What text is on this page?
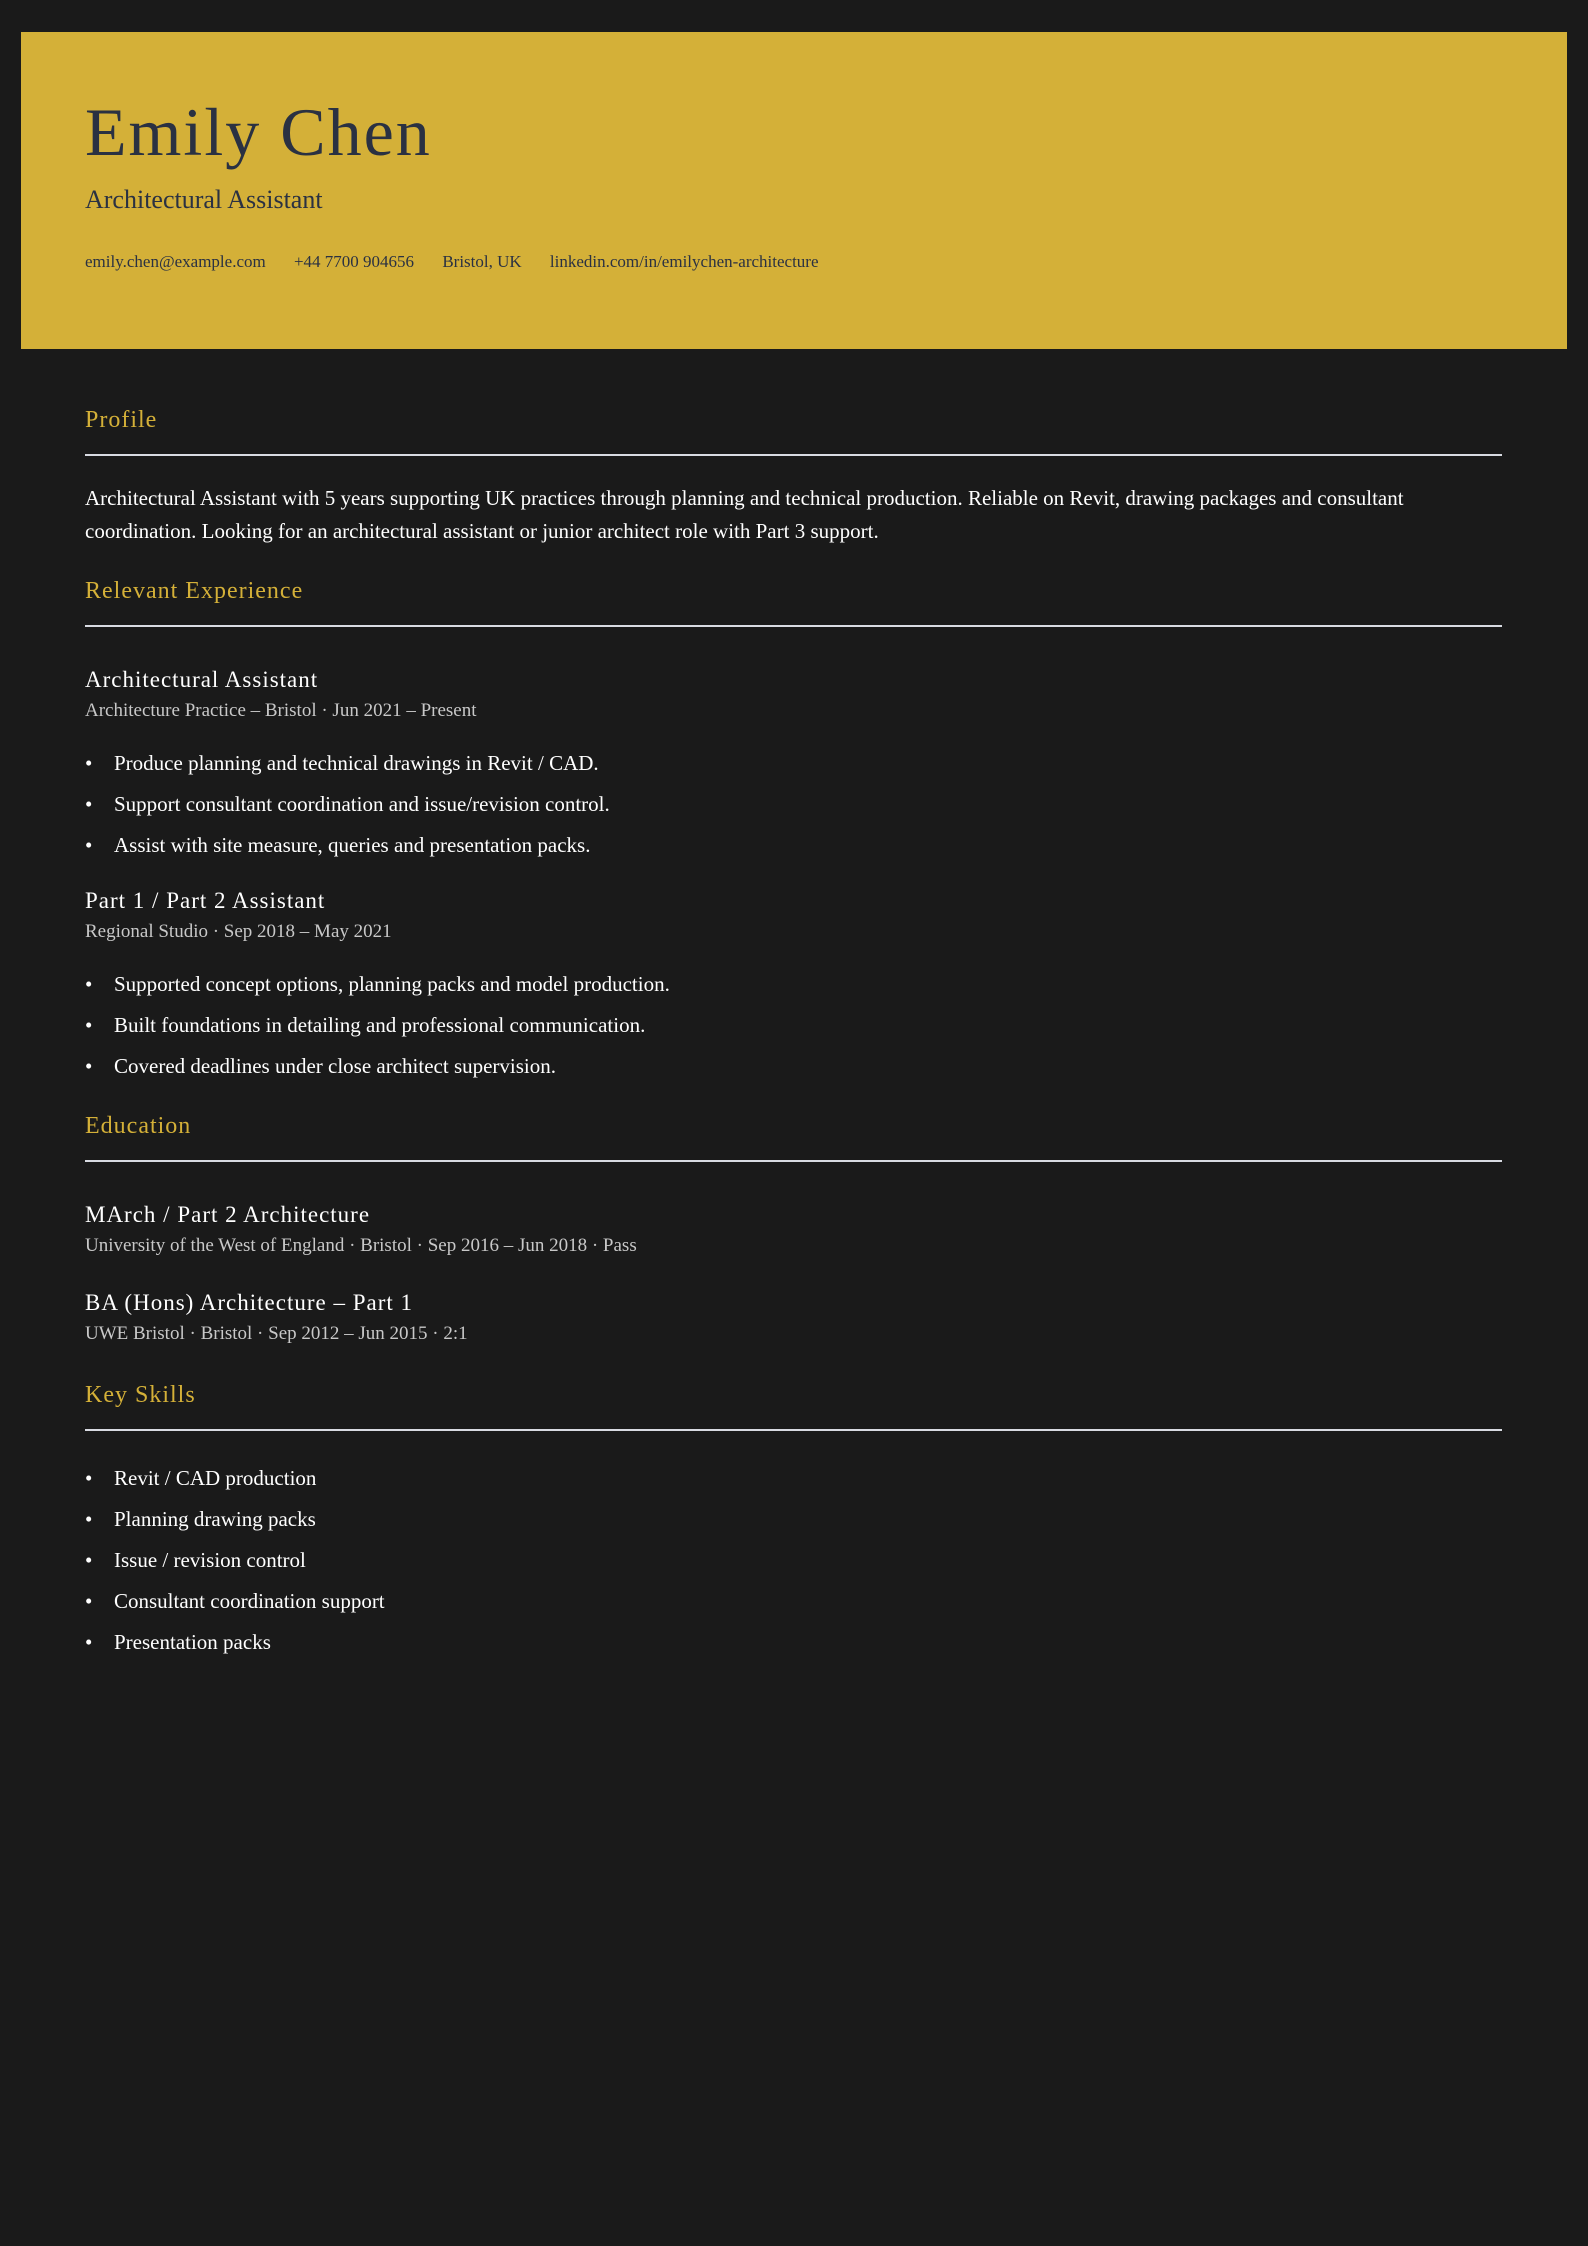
Emily Chen
Architectural Assistant
emily.chen@example.com +44 7700 904656 Bristol, UK linkedin.com/in/emilychen-architecture
Profile
Architectural Assistant with 5 years supporting UK practices through planning and technical production. Reliable on Revit, drawing packages and consultant coordination. Looking for an architectural assistant or junior architect role with Part 3 support.
Relevant Experience
Architectural Assistant
Architecture Practice – Bristol · Jun 2021 – Present
• Produce planning and technical drawings in Revit / CAD.
• Support consultant coordination and issue/revision control.
• Assist with site measure, queries and presentation packs.
Part 1 / Part 2 Assistant
Regional Studio · Sep 2018 – May 2021
• Supported concept options, planning packs and model production.
• Built foundations in detailing and professional communication.
• Covered deadlines under close architect supervision.
Education
MArch / Part 2 Architecture
University of the West of England · Bristol · Sep 2016 – Jun 2018 · Pass
BA (Hons) Architecture – Part 1
UWE Bristol · Bristol · Sep 2012 – Jun 2015 · 2:1
Key Skills
• Revit / CAD production
• Planning drawing packs
• Issue / revision control
• Consultant coordination support
• Presentation packs
